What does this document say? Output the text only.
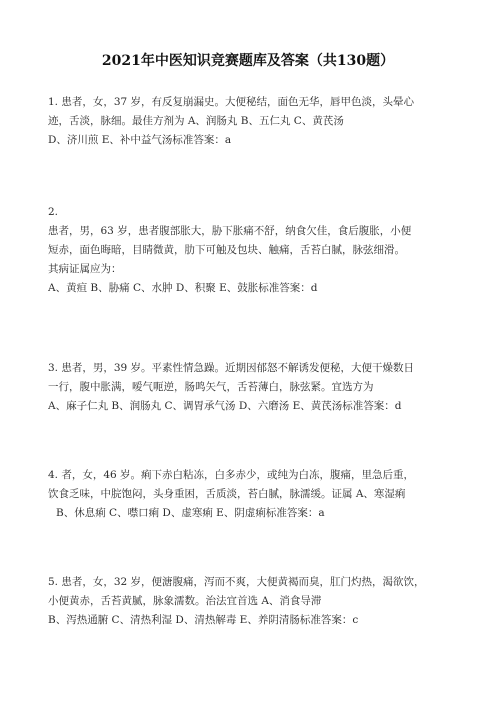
2021年中医知识竞赛题库及答案（共130题）
1. 患者，女，37 岁，有反复崩漏史。大便秘结，面色无华，唇甲色淡，头晕心
迹，舌淡，脉细。最佳方剂为 A、润肠丸 B、五仁丸 C、黄芪汤
D、济川煎 E、补中益气汤标准答案：a
2.
患者，男，63 岁，患者腹部胀大，胁下胀痛不舒，纳食欠佳，食后腹胀，小便
短赤，面色晦暗，目睛微黄，肋下可触及包块、触痛，舌苔白腻，脉弦细滑。
其病证属应为：
A、黄疸 B、胁痛 C、水肿 D、积聚 E、鼓胀标准答案：d
3. 患者，男，39 岁。平素性情急躁。近期因郁怒不解诱发便秘，大便干燥数日
一行，腹中胀满，嗳气呃逆，肠鸣矢气，舌苔薄白，脉弦紧。宜选方为
A、麻子仁丸 B、润肠丸 C、调胃承气汤 D、六磨汤 E、黄芪汤标准答案：d
4. 者，女，46 岁。痢下赤白粘冻，白多赤少，或纯为白冻，腹痛，里急后重，
饮食乏味，中脘饱闷，头身重困，舌质淡，苔白腻，脉濡缓。证属 A、寒湿痢
B、休息痢 C、噤口痢 D、虚寒痢 E、阴虚痢标准答案：a
5. 患者，女，32 岁，便溏腹痛，泻而不爽，大便黄褐而臭，肛门灼热，渴欲饮，
小便黄赤，舌苔黄腻，脉象濡数。治法宜首选 A、消食导滞
B、泻热通腑 C、清热利湿 D、清热解毒 E、养阴清肠标准答案：c
